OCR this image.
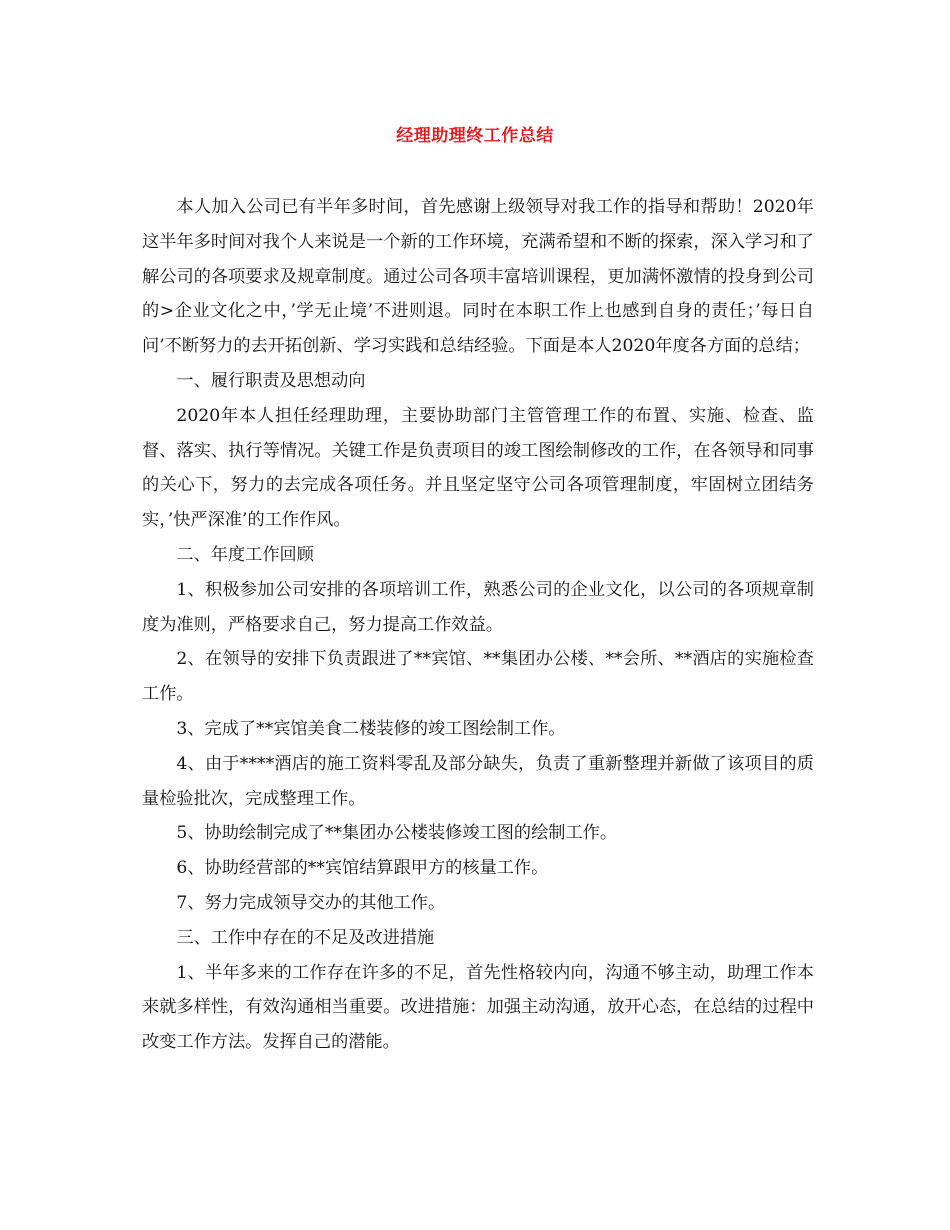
经理助理终工作总结

本人加入公司已有半年多时间，首先感谢上级领导对我工作的指导和帮助！2020年这半年多时间对我个人来说是一个新的工作环境，充满希望和不断的探索，深入学习和了解公司的各项要求及规章制度。通过公司各项丰富培训课程，更加满怀激情的投身到公司的>企业文化之中，’学无止境’不进则退。同时在本职工作上也感到自身的责任；’每日自问’不断努力的去开拓创新、学习实践和总结经验。下面是本人2020年度各方面的总结；

一、履行职责及思想动向

2020年本人担任经理助理，主要协助部门主管管理工作的布置、实施、检查、监督、落实、执行等情况。关键工作是负责项目的竣工图绘制修改的工作，在各领导和同事的关心下，努力的去完成各项任务。并且坚定坚守公司各项管理制度，牢固树立团结务实，’快严深准’的工作作风。

二、年度工作回顾

1、积极参加公司安排的各项培训工作，熟悉公司的企业文化，以公司的各项规章制度为准则，严格要求自己，努力提高工作效益。

2、在领导的安排下负责跟进了**宾馆、**集团办公楼、**会所、**酒店的实施检查工作。

3、完成了**宾馆美食二楼装修的竣工图绘制工作。

4、由于****酒店的施工资料零乱及部分缺失，负责了重新整理并新做了该项目的质量检验批次，完成整理工作。

5、协助绘制完成了**集团办公楼装修竣工图的绘制工作。

6、协助经营部的**宾馆结算跟甲方的核量工作。

7、努力完成领导交办的其他工作。

三、工作中存在的不足及改进措施

1、半年多来的工作存在许多的不足，首先性格较内向，沟通不够主动，助理工作本来就多样性，有效沟通相当重要。改进措施：加强主动沟通，放开心态，在总结的过程中改变工作方法。发挥自己的潜能。
